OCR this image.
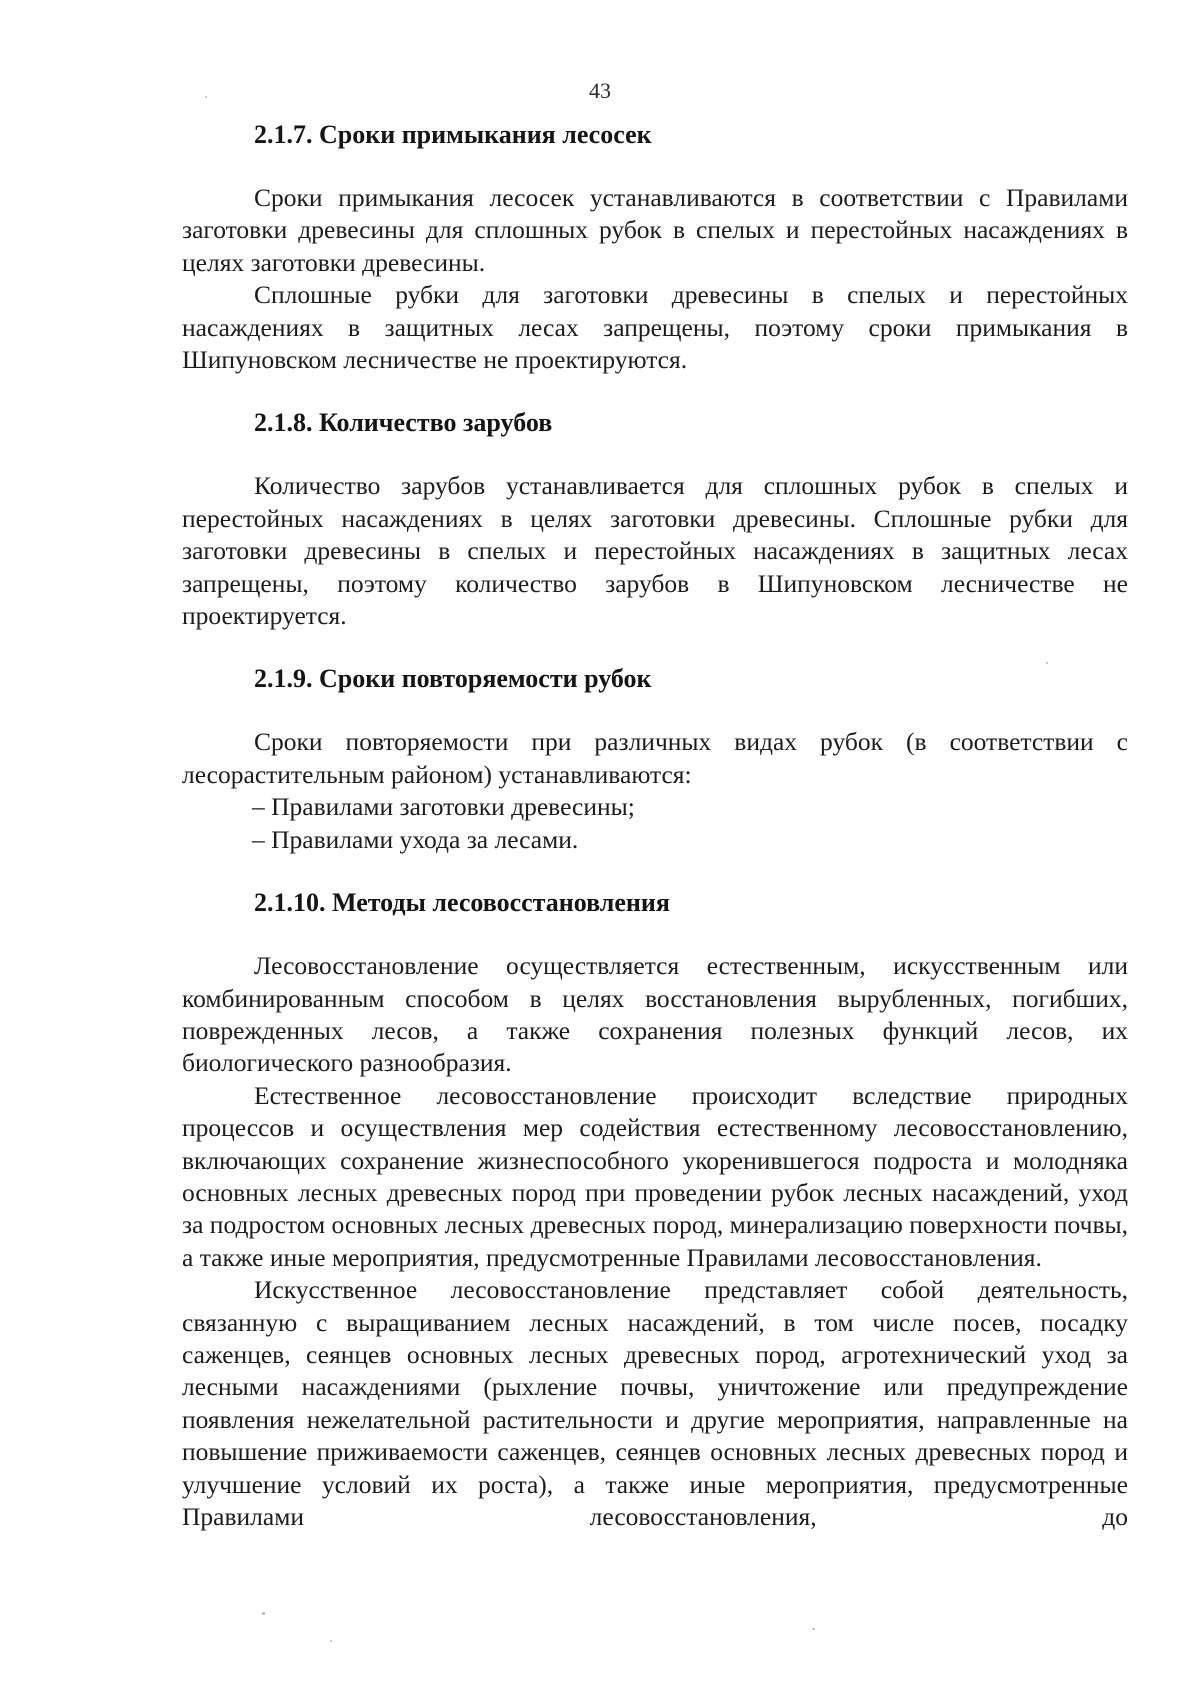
43
2.1.7. Сроки примыкания лесосек

Сроки примыкания лесосек устанавливаются в соответствии с Правилами заготовки древесины для сплошных рубок в спелых и перестойных насаждениях в целях заготовки древесины.

Сплошные рубки для заготовки древесины в спелых и перестойных насаждениях в защитных лесах запрещены, поэтому сроки примыкания в Шипуновском лесничестве не проектируются.

2.1.8. Количество зарубов

Количество зарубов устанавливается для сплошных рубок в спелых и перестойных насаждениях в целях заготовки древесины. Сплошные рубки для заготовки древесины в спелых и перестойных насаждениях в защитных лесах запрещены, поэтому количество зарубов в Шипуновском лесничестве не проектируется.

2.1.9. Сроки повторяемости рубок

Сроки повторяемости при различных видах рубок (в соответствии с лесорастительным районом) устанавливаются:

– Правилами заготовки древесины;

– Правилами ухода за лесами.

2.1.10. Методы лесовосстановления

Лесовосстановление осуществляется естественным, искусственным или комбинированным способом в целях восстановления вырубленных, погибших, поврежденных лесов, а также сохранения полезных функций лесов, их биологического разнообразия.

Естественное лесовосстановление происходит вследствие природных процессов и осуществления мер содействия естественному лесовосстановлению, включающих сохранение жизнеспособного укоренившегося подроста и молодняка основных лесных древесных пород при проведении рубок лесных насаждений, уход за подростом основных лесных древесных пород, минерализацию поверхности почвы, а также иные мероприятия, предусмотренные Правилами лесовосстановления.

Искусственное лесовосстановление представляет собой деятельность, связанную с выращиванием лесных насаждений, в том числе посев, посадку саженцев, сеянцев основных лесных древесных пород, агротехнический уход за лесными насаждениями (рыхление почвы, уничтожение или предупреждение появления нежелательной растительности и другие мероприятия, направленные на повышение приживаемости саженцев, сеянцев основных лесных древесных пород и улучшение условий их роста), а также иные мероприятия, предусмотренные Правилами лесовосстановления, до
